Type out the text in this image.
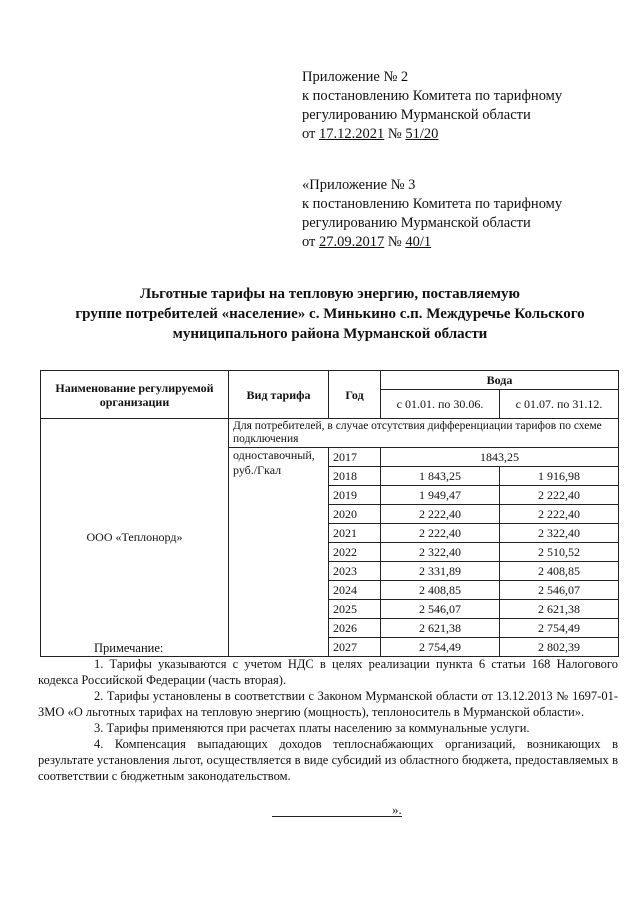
Приложение № 2
к постановлению Комитета по тарифному
регулированию Мурманской области
от 17.12.2021 № 51/20
«Приложение № 3
к постановлению Комитета по тарифному
регулированию Мурманской области
от 27.09.2017 № 40/1
Льготные тарифы на тепловую энергию, поставляемую
группе потребителей «население» с. Минькино с.п. Междуречье Кольского
муниципального района Мурманской области
Наименование регулируемой организации	Вид тарифа	Год	Вода	
			с 01.01. по 30.06.	с 01.07. по 31.12.
ООО «Теплонорд»	Для потребителей, в случае отсутствия дифференциации тарифов по схеме подключения			
	одноставочный, руб./Гкал	2017	1843,25	
		2018	1 843,25	1 916,98
		2019	1 949,47	2 222,40
		2020	2 222,40	2 222,40
		2021	2 222,40	2 322,40
		2022	2 322,40	2 510,52
		2023	2 331,89	2 408,85
		2024	2 408,85	2 546,07
		2025	2 546,07	2 621,38
		2026	2 621,38	2 754,49
		2027	2 754,49	2 802,39

Примечание:

1. Тарифы указываются с учетом НДС в целях реализации пункта 6 статьи 168 Налогового кодекса Российской Федерации (часть вторая).

2. Тарифы установлены в соответствии с Законом Мурманской области от 13.12.2013 № 1697-01-ЗМО «О льготных тарифах на тепловую энергию (мощность), теплоноситель в Мурманской области».

3. Тарифы применяются при расчетах платы населению за коммунальные услуги.

4. Компенсация выпадающих доходов теплоснабжающих организаций, возникающих в результате установления льгот, осуществляется в виде субсидий из областного бюджета, предоставляемых в соответствии с бюджетным законодательством.

».
